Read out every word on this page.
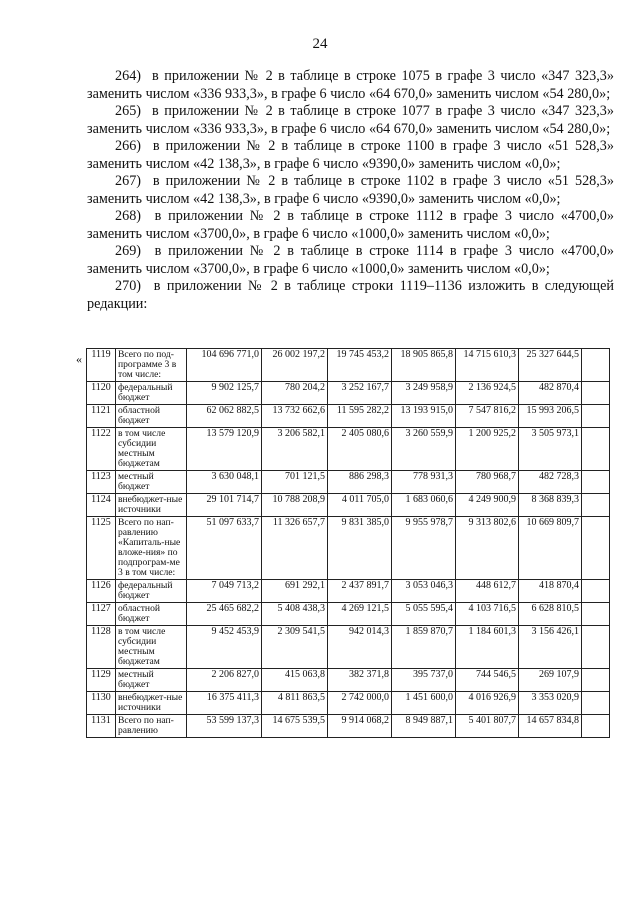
24

264)  в приложении № 2 в таблице в строке 1075 в графе 3 число «347 323,3» заменить числом «336 933,3», в графе 6 число «64 670,0» заменить числом «54 280,0»;

265)  в приложении № 2 в таблице в строке 1077 в графе 3 число «347 323,3» заменить числом «336 933,3», в графе 6 число «64 670,0» заменить числом «54 280,0»;

266)  в приложении № 2 в таблице в строке 1100 в графе 3 число «51 528,3» заменить числом «42 138,3», в графе 6 число «9390,0» заменить числом «0,0»;

267)  в приложении № 2 в таблице в строке 1102 в графе 3 число «51 528,3» заменить числом «42 138,3», в графе 6 число «9390,0» заменить числом «0,0»;

268)  в приложении № 2 в таблице в строке 1112 в графе 3 число «4700,0» заменить числом «3700,0», в графе 6 число «1000,0» заменить числом «0,0»;

269)  в приложении № 2 в таблице в строке 1114 в графе 3 число «4700,0» заменить числом «3700,0», в графе 6 число «1000,0» заменить числом «0,0»;

270)  в приложении № 2 в таблице строки 1119–1136 изложить в следующей редакции:

« 1119	Всего по под-программе 3 в том числе:	104 696 771,0	26 002 197,2	19 745 453,2	18 905 865,8	14 715 610,3	25 327 644,5	
1120	федеральный бюджет	9 902 125,7	780 204,2	3 252 167,7	3 249 958,9	2 136 924,5	482 870,4	
1121	областной бюджет	62 062 882,5	13 732 662,6	11 595 282,2	13 193 915,0	7 547 816,2	15 993 206,5	
1122	в том числе субсидии местным бюджетам	13 579 120,9	3 206 582,1	2 405 080,6	3 260 559,9	1 200 925,2	3 505 973,1	
1123	местный бюджет	3 630 048,1	701 121,5	886 298,3	778 931,3	780 968,7	482 728,3	
1124	внебюджет-ные источники	29 101 714,7	10 788 208,9	4 011 705,0	1 683 060,6	4 249 900,9	8 368 839,3	
1125	Всего по нап-равлению «Капиталь-ные вложе-ния» по подпрограм-ме 3 в том числе:	51 097 633,7	11 326 657,7	9 831 385,0	9 955 978,7	9 313 802,6	10 669 809,7	
1126	федеральный бюджет	7 049 713,2	691 292,1	2 437 891,7	3 053 046,3	448 612,7	418 870,4	
1127	областной бюджет	25 465 682,2	5 408 438,3	4 269 121,5	5 055 595,4	4 103 716,5	6 628 810,5	
1128	в том числе субсидии местным бюджетам	9 452 453,9	2 309 541,5	942 014,3	1 859 870,7	1 184 601,3	3 156 426,1	
1129	местный бюджет	2 206 827,0	415 063,8	382 371,8	395 737,0	744 546,5	269 107,9	
1130	внебюджет-ные источники	16 375 411,3	4 811 863,5	2 742 000,0	1 451 600,0	4 016 926,9	3 353 020,9	
1131	Всего по нап-равлению	53 599 137,3	14 675 539,5	9 914 068,2	8 949 887,1	5 401 807,7	14 657 834,8	
